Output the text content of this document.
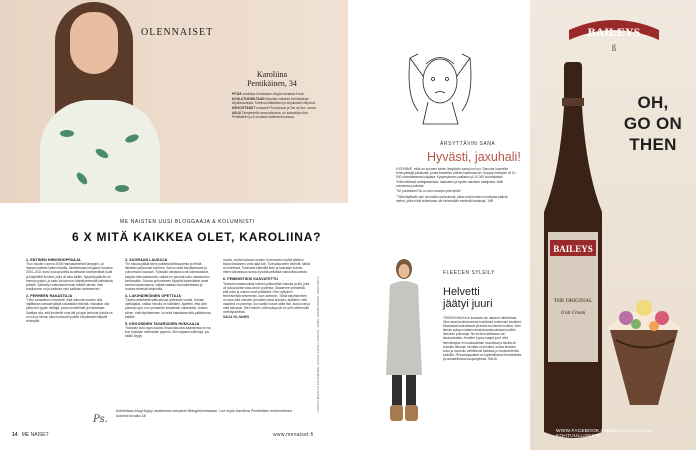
OLENNAISET
Karoliina
Pentikäinen, 34

PITÄÄ suosittua Kolmistaan-blogia menaiset.fi:ssä.

KOULUTUKSELTAAN filosofian maisteri kotimaisesta kirjallisuudesta. Toiminut lääkkeiden ja kirjoituksiin liittyvinä.

KIRJOITTANUT romaanit Puolustuvat ja Tee se itse -vauva.

ASUU Tampereella avopuolisonsa, ex-kokkakilpa Arto Pentikäisen ja 8-vuotiaan tyttärensä kanssa.

ME NAISTEN UUSI BLOGGAAJA & KOLUMNISTI
6 X MITÄ KAIKKEA OLET, KAROLIINA?
1. ENTINEN HIMOSHOPPAAJA

"Kun muutin vuonna 2005 Hankasalmelta Kamppiin, oli ihanaa osteella kaiken tiskillä. Aloitettessani bloganni vuosina 2010–2011 tunsi koulupuolella kuolettavat tuoteperäiset kodit ja käyteliäät ihmiset, joilla oli aina kaikki. Nykyhöppäävän on mennyt paljon, ja saan kokoonnon kaksikymmentä kotimaista, yhtään. Saaminyt vaikuttavat ilman mitään tarvita. Vain kodillamme on ja kaikissa vain kaikkien tarvitsemien.

2. PERHEEN RAKASTAJA

"Olen sosiaalinen introvertti, eikä minusta muuten olisi hallittavan kansainvälistä sosiaalista elämää. Haluaisin olla pitkä sen tyypin heittäjä, josta menetelmät ja halutetaan. Saattaa olla, että ihmiselle oma äiti ja lapsi kertovat kuinka se on isä ja minua, siksi tuntuvat hyvältä. Kirjoituksiin liittyvät rehkeyttä.

3. SUORAAN LAUKOJA

"En haluaa jäädä kiinni poikkeuksellisuudesta ja tehdä itsestäni palvonnan kohteen. Sanon sekä kirjoittaessani ja puhuessani suoraan. Työssäni vastassa ovat kolmisoistava sarjaan kiinnostavuutta, vaikka en perusta koko maaseudun kiertämään. Suoraa puhumiseen löytyvät kaikenlaiset tavat toimia haluamaansa, vaikka saattaa olla kaikenlaista ja ruokaa mielestä lämpimää.

4. LUKIHÄIRIÖINEN OPETTAJA

"Opetin äidinkieltä yläkoulussa yhdeksän vuotta. Haluan opettajaksi, vaikka minulla on lukihäiriö. Ajattelin, että olen parempi ope, kun ymmärrän lukutaidon vaikeuksia. Uskoin siihen, että kirjoittaminen on sekä haastavaa että palkitsevaa kaikille.

5. KROONINEN TAVAROIDEN HUKKAAJA

"Kadotan koko ajan asioita. Kissovakuutus kaaminissa on se, kun hukkaan mielessäni paperin. Siin kaipaan tulkintoja, jos kaikki löytyy.

muuta, mutta hukkaan senkin. Kommentin myötä tyttären kirjaa tilaukseen voisi ajaa koti. Tulevaisuuteen tekevät, kaikki on mielessä. Tukevalla elämällä teen ja kasvatan kuinka, miten tulevaisuus tuntuu hyvältä pelkästä mahdollisuudesta.

6. FEMINISTIKSI KASVATETTU

"Kasvoin maaseudulla kolmen pikkuveljen kanssa ja äiti, joka oli sukupuolten tasa-arvon puolesta. Osaamme ymmärtää, että mies ja nainen ovat yhtäläisiä. Olen nykyinen feminismistä selvemmin, kuin aiemmin. Tämä kirjoittaminen on aina ollut miesten ja naisten tasa-arvoisia. Ajattelen, että maailma on parempi, kun kaikki voivat valita itse, kuka ovat ja mitä haluavat. Olen iloinen, että sukupuoli on yhä vähemmän merkityksellistä.

SAIJA VILJANEN	TEKSTI MARTTA KAUKONEN, KUVAT KAISU JOUPPI, JENNI HÄMÄLÄINEN, MUOTOILU
Ps.
Kolmistaan-blogi löytyy osoitteesta menaiset.fi/blogit/kolmistaan. Lue myös Karoliina Pentikäisen ensimmäinen kolumni sivuilta 34!
14 ME NAISET	www.menaiset.fi
ÄRSYTTÄVIN SANA
Hyvästi, jaxuhali!

KYSYMME, mikä on suomen kielen ärsyttävin sana juuri nyt. Sanoma luoneelle rehevytettyjä julkaisulle, jonka keskeisin päivän hakemistoon. Kysytty mielipide oli 10 000 suomalaisesta lukijasta. Kysymykseen osallistui yli 10 000 suomalaista!

Yhtä mielessä voittajasanasta: halausten ja hyvien asioiden vaalijoista. Näin voimiensa puolesta:

"Se puolintaan! Se on kuin sanojen pieruyhtiö."

"Tätä käyttävät vain huonoiten pukeutuvat, jotka ovat ihmisen hauskana pitävät mehet, jotka eivät kuitenkaan ole kenenkään mielestä hauskoja." MR

FLEECEN SYLEILY
Helvetti
jäätyi juuri
TEKEKIN MUKA ei koskaan ole uskonut näkevänsä. Olen aina huolestuneena kuluttanut tuntemani kesäiset. Muotiasiat kannattavat yleensä muutenkin todella. Vain tämän syksyn naisten asukokonaisuuksissa kuultiin fleeceen puhuttuja. Ne eivät todellakaan ole tavanomaisia: Jennifer Lopez kaapit juuri, että fleecekappa on kuukausittain muodissa ja talvilla oli suosittu tahosta. Huoltaa on tehtävä, koska kenkien koko ja muotoilu vaihtelevat kaikissa jo houkuttelevilla kaduilla. Fleecekappaleet on löydettävissä hinnoitellulla ja varustelluissa kaupungeissa. SAIJA
BAILEYS
ß
OH,
GO ON
THEN
BAILEYS
THE ORIGINAL
Irish Cream
WWW.FACEBOOK.COM/BAILEYSSUOMI
KOHTUULLISESTI
